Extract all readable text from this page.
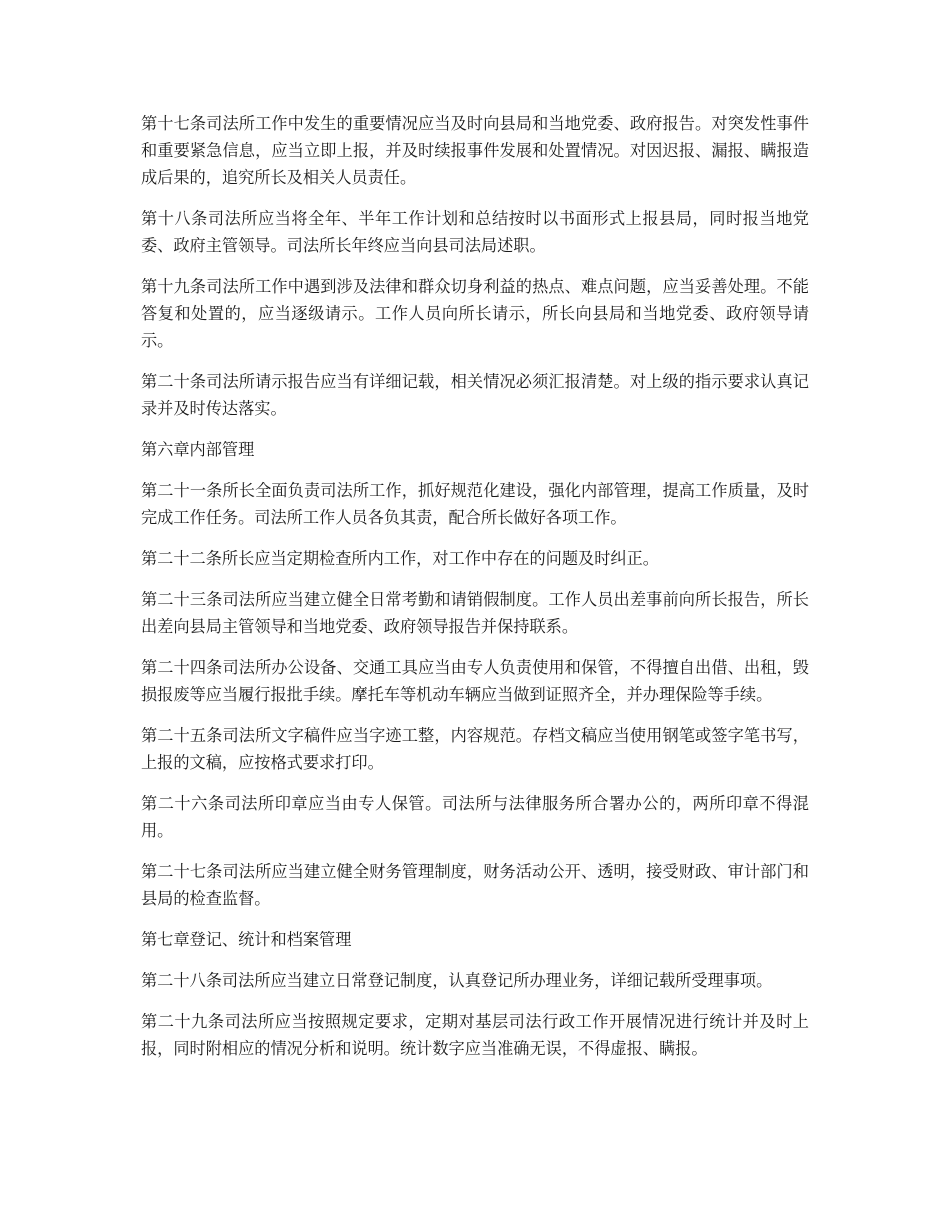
第十七条司法所工作中发生的重要情况应当及时向县局和当地党委、政府报告。对突发性事件和重要紧急信息，应当立即上报，并及时续报事件发展和处置情况。对因迟报、漏报、瞒报造成后果的，追究所长及相关人员责任。

第十八条司法所应当将全年、半年工作计划和总结按时以书面形式上报县局，同时报当地党委、政府主管领导。司法所长年终应当向县司法局述职。

第十九条司法所工作中遇到涉及法律和群众切身利益的热点、难点问题，应当妥善处理。不能答复和处置的，应当逐级请示。工作人员向所长请示，所长向县局和当地党委、政府领导请示。

第二十条司法所请示报告应当有详细记载，相关情况必须汇报清楚。对上级的指示要求认真记录并及时传达落实。

第六章内部管理

第二十一条所长全面负责司法所工作，抓好规范化建设，强化内部管理，提高工作质量，及时完成工作任务。司法所工作人员各负其责，配合所长做好各项工作。

第二十二条所长应当定期检查所内工作，对工作中存在的问题及时纠正。

第二十三条司法所应当建立健全日常考勤和请销假制度。工作人员出差事前向所长报告，所长出差向县局主管领导和当地党委、政府领导报告并保持联系。

第二十四条司法所办公设备、交通工具应当由专人负责使用和保管，不得擅自出借、出租，毁损报废等应当履行报批手续。摩托车等机动车辆应当做到证照齐全，并办理保险等手续。

第二十五条司法所文字稿件应当字迹工整，内容规范。存档文稿应当使用钢笔或签字笔书写，上报的文稿，应按格式要求打印。

第二十六条司法所印章应当由专人保管。司法所与法律服务所合署办公的，两所印章不得混用。

第二十七条司法所应当建立健全财务管理制度，财务活动公开、透明，接受财政、审计部门和县局的检查监督。

第七章登记、统计和档案管理

第二十八条司法所应当建立日常登记制度，认真登记所办理业务，详细记载所受理事项。

第二十九条司法所应当按照规定要求，定期对基层司法行政工作开展情况进行统计并及时上报，同时附相应的情况分析和说明。统计数字应当准确无误，不得虚报、瞒报。
